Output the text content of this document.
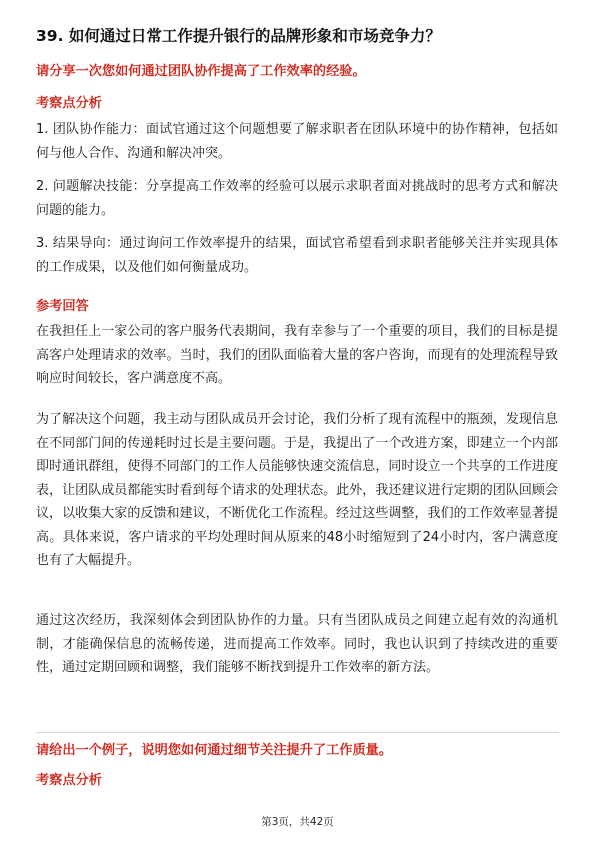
39. 如何通过日常工作提升银行的品牌形象和市场竞争力？
请分享一次您如何通过团队协作提高了工作效率的经验。
考察点分析
1. 团队协作能力：面试官通过这个问题想要了解求职者在团队环境中的协作精神，包括如何与他人合作、沟通和解决冲突。
2. 问题解决技能：分享提高工作效率的经验可以展示求职者面对挑战时的思考方式和解决问题的能力。
3. 结果导向：通过询问工作效率提升的结果，面试官希望看到求职者能够关注并实现具体的工作成果，以及他们如何衡量成功。
参考回答
在我担任上一家公司的客户服务代表期间，我有幸参与了一个重要的项目，我们的目标是提高客户处理请求的效率。当时，我们的团队面临着大量的客户咨询，而现有的处理流程导致响应时间较长，客户满意度不高。
为了解决这个问题，我主动与团队成员开会讨论，我们分析了现有流程中的瓶颈，发现信息在不同部门间的传递耗时过长是主要问题。于是，我提出了一个改进方案，即建立一个内部即时通讯群组，使得不同部门的工作人员能够快速交流信息，同时设立一个共享的工作进度表，让团队成员都能实时看到每个请求的处理状态。此外，我还建议进行定期的团队回顾会议，以收集大家的反馈和建议，不断优化工作流程。经过这些调整，我们的工作效率显著提高。具体来说，客户请求的平均处理时间从原来的48小时缩短到了24小时内，客户满意度也有了大幅提升。
通过这次经历，我深刻体会到团队协作的力量。只有当团队成员之间建立起有效的沟通机制，才能确保信息的流畅传递，进而提高工作效率。同时，我也认识到了持续改进的重要性，通过定期回顾和调整，我们能够不断找到提升工作效率的新方法。
请给出一个例子，说明您如何通过细节关注提升了工作质量。
考察点分析
第3页，共42页
